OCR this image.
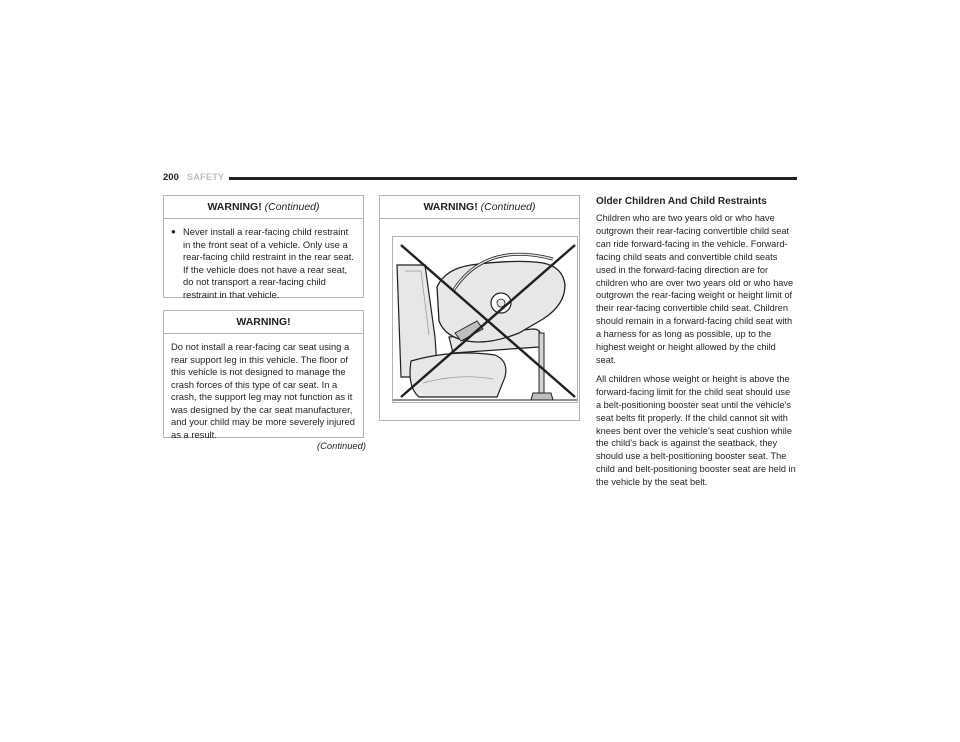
200 SAFETY
WARNING! (Continued)
● Never install a rear-facing child restraint in the front seat of a vehicle. Only use a rear-facing child restraint in the rear seat. If the vehicle does not have a rear seat, do not transport a rear-facing child restraint in that vehicle.
WARNING!
Do not install a rear-facing car seat using a rear support leg in this vehicle. The floor of this vehicle is not designed to manage the crash forces of this type of car seat. In a crash, the support leg may not function as it was designed by the car seat manufacturer, and your child may be more severely injured as a result.
(Continued)
WARNING! (Continued)	Older Children And Child Restraints

Children who are two years old or who have outgrown their rear-facing convertible child seat can ride forward-facing in the vehicle. Forward-facing child seats and convertible child seats used in the forward-facing direction are for children who are over two years old or who have outgrown the rear-facing weight or height limit of their rear-facing convertible child seat. Children should remain in a forward-facing child seat with a harness for as long as possible, up to the highest weight or height allowed by the child seat.

All children whose weight or height is above the forward-facing limit for the child seat should use a belt-positioning booster seat until the vehicle’s seat belts fit properly. If the child cannot sit with knees bent over the vehicle’s seat cushion while the child’s back is against the seatback, they should use a belt-positioning booster seat. The child and belt-positioning booster seat are held in the vehicle by the seat belt.
